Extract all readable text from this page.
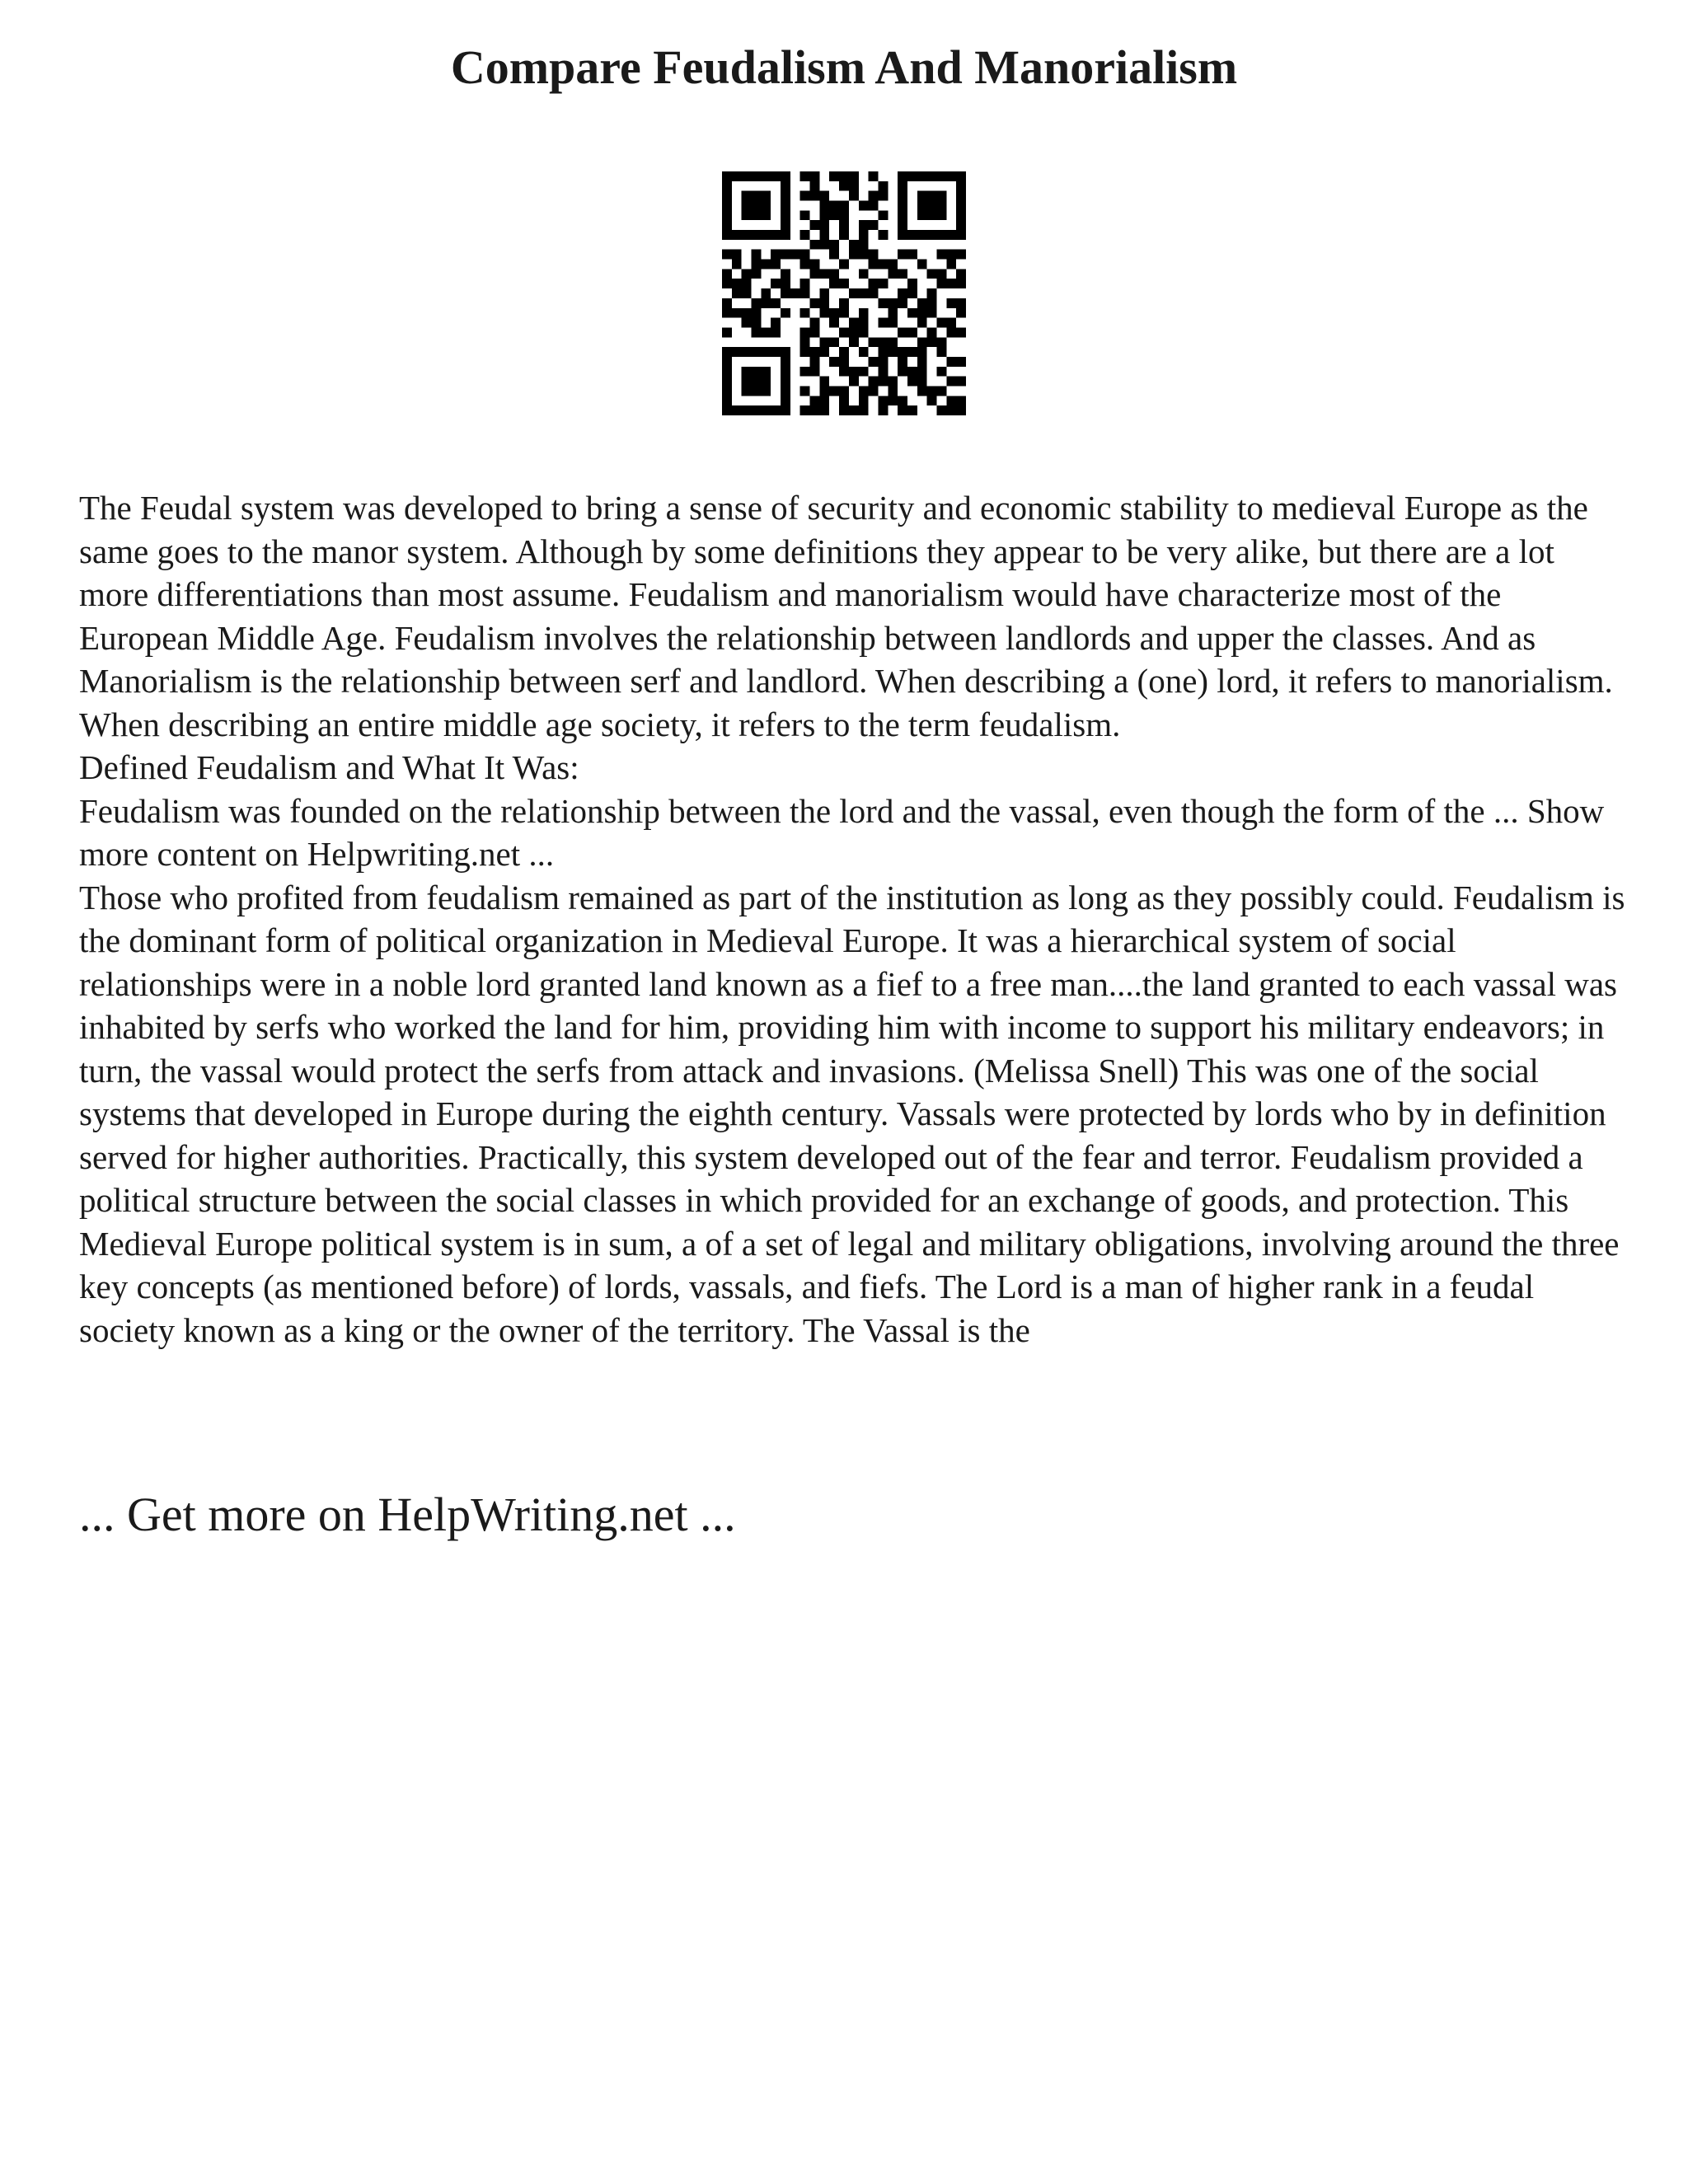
Compare Feudalism And Manorialism

The Feudal system was developed to bring a sense of security and economic stability to medieval Europe as the same goes to the manor system. Although by some definitions they appear to be very alike, but there are a lot more differentiations than most assume. Feudalism and manorialism would have characterize most of the European Middle Age. Feudalism involves the relationship between landlords and upper the classes. And as Manorialism is the relationship between serf and landlord. When describing a (one) lord, it refers to manorialism. When describing an entire middle age society, it refers to the term feudalism.

Defined Feudalism and What It Was:

Feudalism was founded on the relationship between the lord and the vassal, even though the form of the ... Show more content on Helpwriting.net ...

Those who profited from feudalism remained as part of the institution as long as they possibly could. Feudalism is the dominant form of political organization in Medieval Europe. It was a hierarchical system of social relationships were in a noble lord granted land known as a fief to a free man....the land granted to each vassal was inhabited by serfs who worked the land for him, providing him with income to support his military endeavors; in turn, the vassal would protect the serfs from attack and invasions. (Melissa Snell) This was one of the social systems that developed in Europe during the eighth century. Vassals were protected by lords who by in definition served for higher authorities. Practically, this system developed out of the fear and terror. Feudalism provided a political structure between the social classes in which provided for an exchange of goods, and protection. This Medieval Europe political system is in sum, a of a set of legal and military obligations, involving around the three key concepts (as mentioned before) of lords, vassals, and fiefs. The Lord is a man of higher rank in a feudal society known as a king or the owner of the territory. The Vassal is the

... Get more on HelpWriting.net ...
